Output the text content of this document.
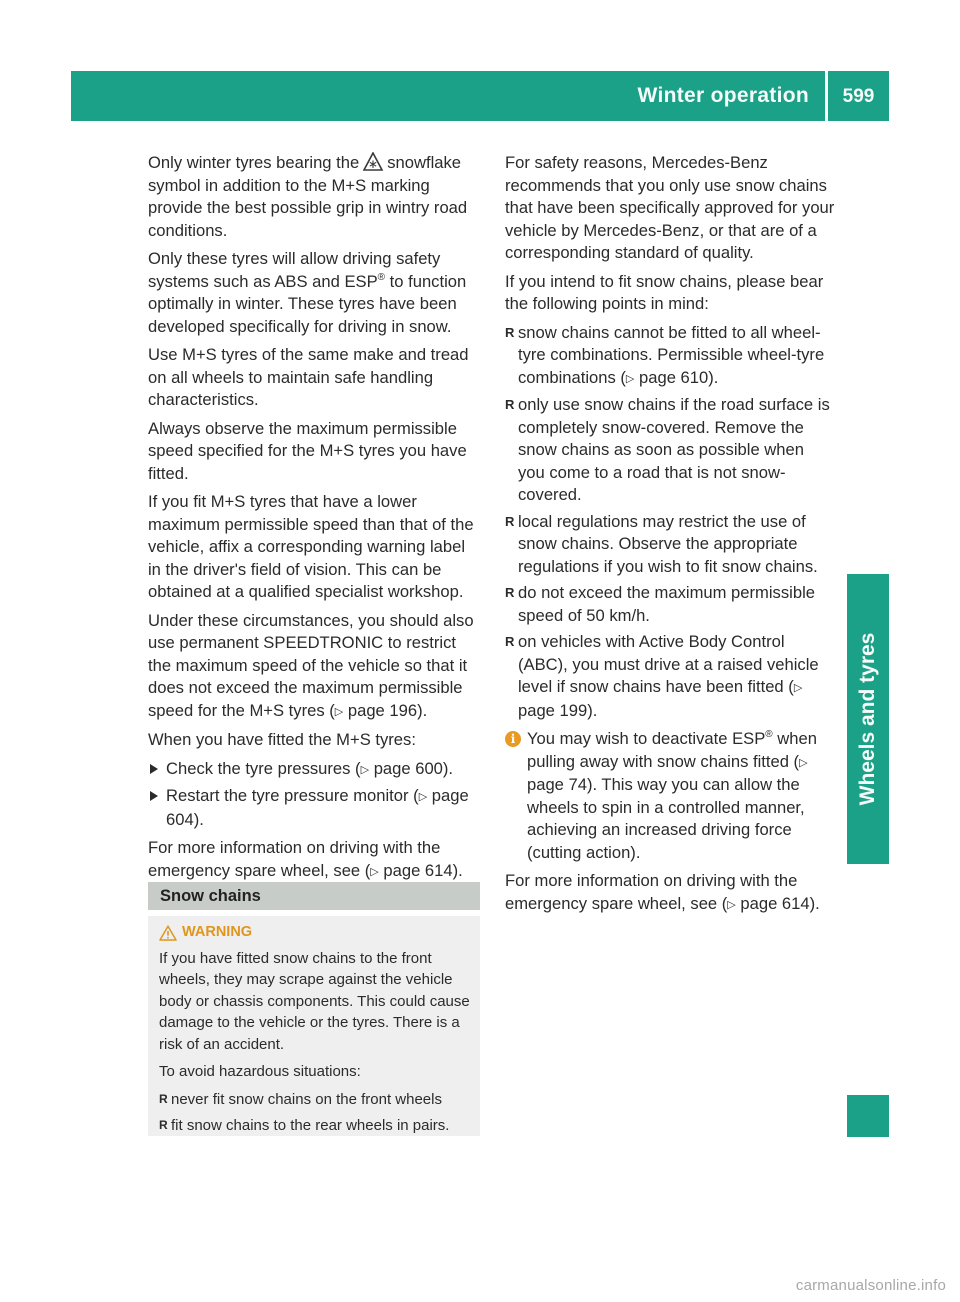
Winter operation	599
Wheels and tyres

Only winter tyres bearing the snowflake symbol in addition to the M+S marking provide the best possible grip in wintry road conditions.

Only these tyres will allow driving safety systems such as ABS and ESP® to function optimally in winter. These tyres have been developed specifically for driving in snow.

Use M+S tyres of the same make and tread on all wheels to maintain safe handling characteristics.

Always observe the maximum permissible speed specified for the M+S tyres you have fitted.

If you fit M+S tyres that have a lower maximum permissible speed than that of the vehicle, affix a corresponding warning label in the driver's field of vision. This can be obtained at a qualified specialist workshop.

Under these circumstances, you should also use permanent SPEEDTRONIC to restrict the maximum speed of the vehicle so that it does not exceed the maximum permissible speed for the M+S tyres (▷ page 196).

When you have fitted the M+S tyres:

Check the tyre pressures (▷ page 600).
Restart the tyre pressure monitor (▷ page 604).

For more information on driving with the emergency spare wheel, see (▷ page 614).

Snow chains
WARNING

If you have fitted snow chains to the front wheels, they may scrape against the vehicle body or chassis components. This could cause damage to the vehicle or the tyres. There is a risk of an accident.

To avoid hazardous situations:

R never fit snow chains on the front wheels
R fit snow chains to the rear wheels in pairs.

For safety reasons, Mercedes-Benz recommends that you only use snow chains that have been specifically approved for your vehicle by Mercedes-Benz, or that are of a corresponding standard of quality.

If you intend to fit snow chains, please bear the following points in mind:

R snow chains cannot be fitted to all wheel-tyre combinations. Permissible wheel-tyre combinations (▷ page 610).
R only use snow chains if the road surface is completely snow-covered. Remove the snow chains as soon as possible when you come to a road that is not snow-covered.
R local regulations may restrict the use of snow chains. Observe the appropriate regulations if you wish to fit snow chains.
R do not exceed the maximum permissible speed of 50 km/h.
R on vehicles with Active Body Control (ABC), you must drive at a raised vehicle level if snow chains have been fitted (▷ page 199).
i You may wish to deactivate ESP® when pulling away with snow chains fitted (▷ page 74). This way you can allow the wheels to spin in a controlled manner, achieving an increased driving force (cutting action).

For more information on driving with the emergency spare wheel, see (▷ page 614).

carmanualsonline.info
